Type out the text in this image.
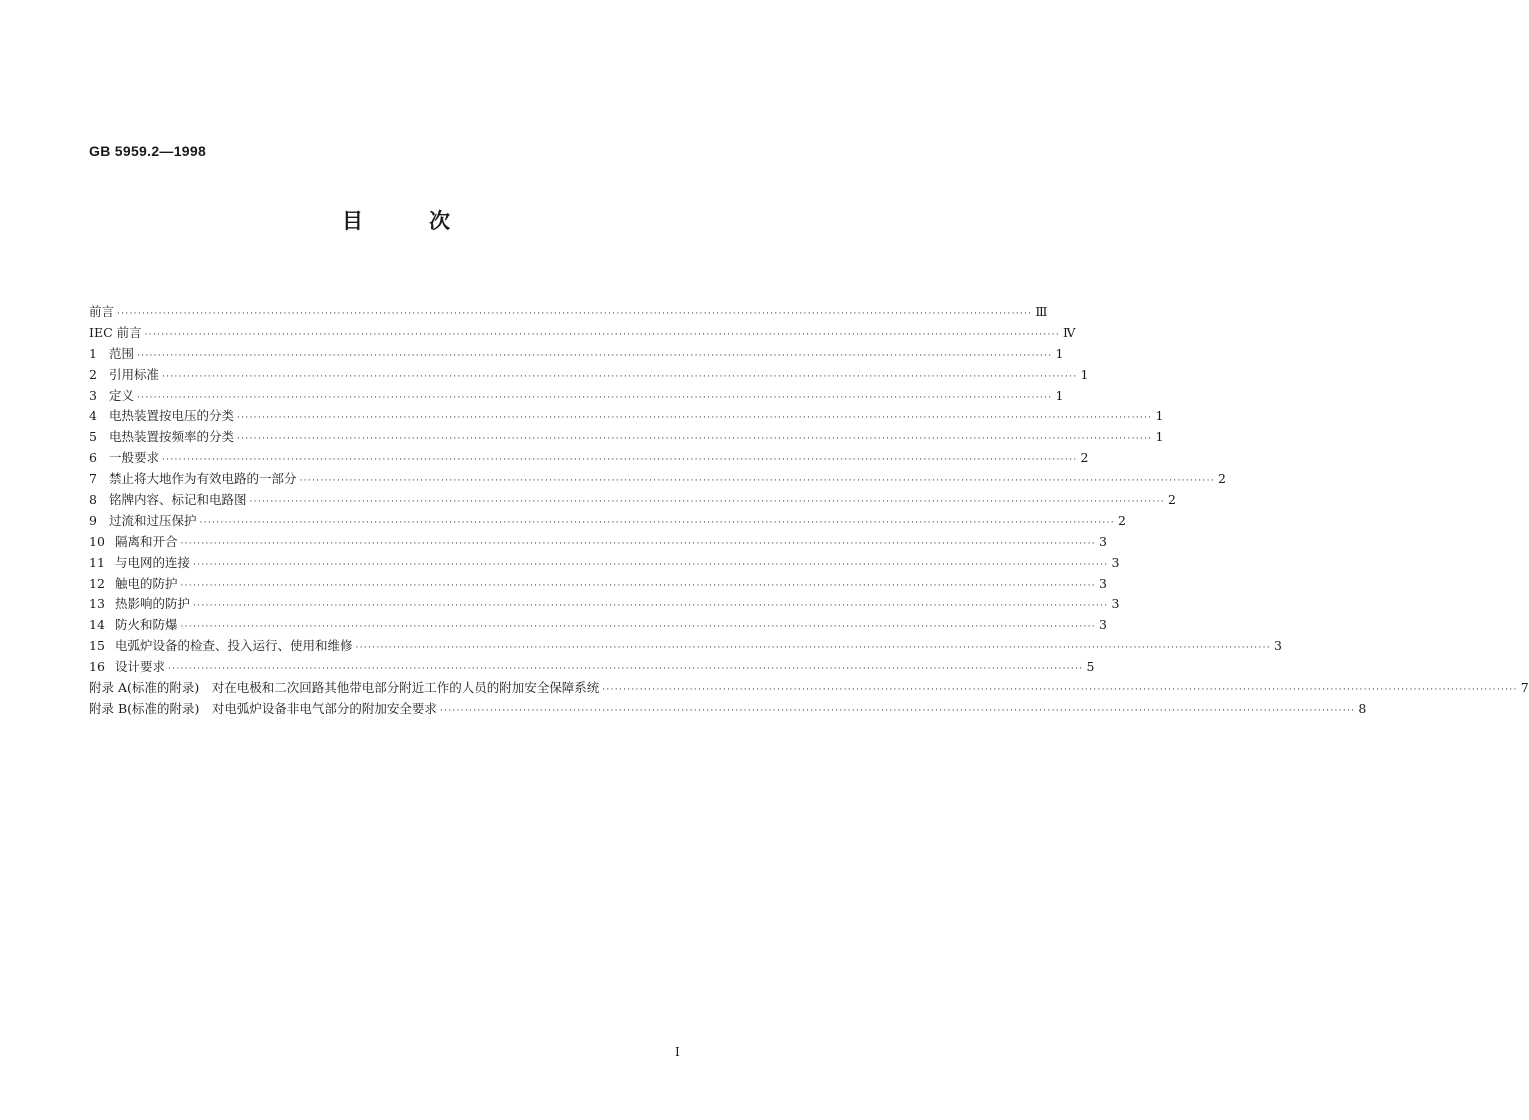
GB 5959.2—1998
目	次
前言 ···························································································································································································································· Ⅲ
IEC 前言 ···························································································································································································································· Ⅳ
1 范围 ···························································································································································································································· 1
2 引用标准 ···························································································································································································································· 1
3 定义 ···························································································································································································································· 1
4 电热装置按电压的分类 ···························································································································································································································· 1
5 电热装置按频率的分类 ···························································································································································································································· 1
6 一般要求 ···························································································································································································································· 2
7 禁止将大地作为有效电路的一部分 ···························································································································································································································· 2
8 铭牌内容、标记和电路图 ···························································································································································································································· 2
9 过流和过压保护 ···························································································································································································································· 2
10 隔离和开合 ···························································································································································································································· 3
11 与电网的连接 ···························································································································································································································· 3
12 触电的防护 ···························································································································································································································· 3
13 热影响的防护 ···························································································································································································································· 3
14 防火和防爆 ···························································································································································································································· 3
15 电弧炉设备的检查、投入运行、使用和维修 ···························································································································································································································· 3
16 设计要求 ···························································································································································································································· 5
附录 A(标准的附录)　对在电极和二次回路其他带电部分附近工作的人员的附加安全保障系统 ···························································································································································································································· 7
附录 B(标准的附录)　对电弧炉设备非电气部分的附加安全要求 ···························································································································································································································· 8
Ⅰ
